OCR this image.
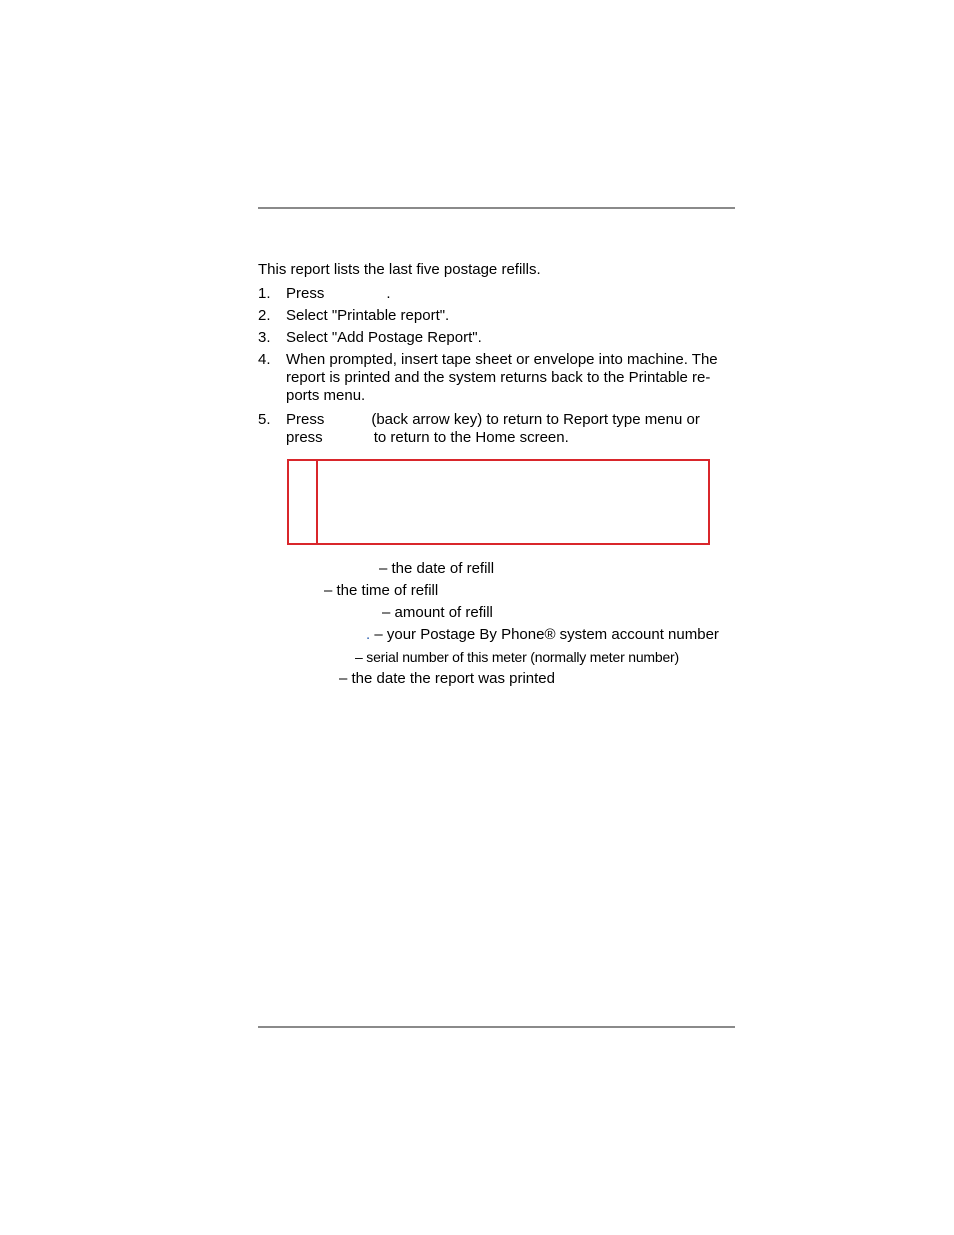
This report lists the last five postage refills.
1. Press	.
2. Select "Printable report".
3. Select "Add Postage Report".
4. When prompted, insert tape sheet or envelope into machine. The
report is printed and the system returns back to the Printable re-
ports menu.
5. Press	(back arrow key) to return to Report type menu or
press	to return to the Home screen.
– the date of refill
– the time of refill
– amount of refill
. – your Postage By Phone® system account number
– serial number of this meter (normally meter number)
– the date the report was printed
